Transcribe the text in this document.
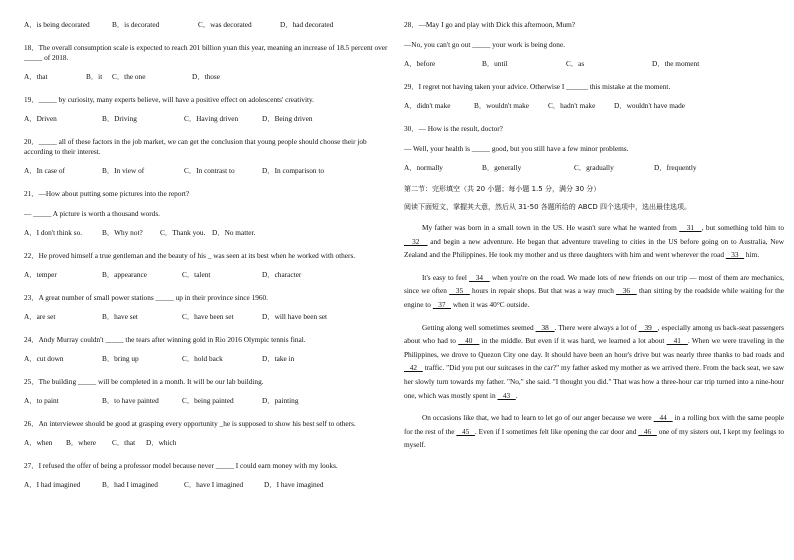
A．is being decorated	B．is decorated	C．was decorated	D．had decorated

18．The overall consumption scale is expected to reach 201 billion yuan this year, meaning an increase of 18.5 percent over _____ of 2018.

A．that	B．it	C．the one	D．those

19．_____ by curiosity, many experts believe, will have a positive effect on adolescents' creativity.

A．Driven	B．Driving	C．Having driven	D．Being driven

20．_____ all of these factors in the job market, we can get the conclusion that young people should choose their job according to their interest.

A．In case of	B．In view of	C．In contrast to	D．In comparison to

21．—How about putting some pictures into the report?

— _____ A picture is worth a thousand words.

A．I don't think so.	B．Why not?	C．Thank you. D．No matter.

22．He proved himself a true gentleman and the beauty of his _ was seen at its best when he worked with others.

A．temper	B．appearance	C．talent	D．character

23．A great number of small power stations _____ up in their province since 1960.

A．are set	B．have set	C．have been set	D．will have been set

24．Andy Murray couldn't _____ the tears after winning gold in Rio 2016 Olympic tennis final.

A．cut down	B．bring up	C．hold back	D．take in

25．The building _____ will be completed in a month. It will be our lab building.

A．to paint	B．to have painted	C．being painted	D．painting

26．An interviewee should be good at grasping every opportunity _he is supposed to show his best self to others.

A．when	B．where	C．that	D．which

27．I refused the offer of being a professor model because never _____ I could earn money with my looks.

A．I had imagined	B．had I imagined	C．have I imagined	D．I have imagined

28．—May I go and play with Dick this afternoon, Mum?

—No, you can't go out _____ your work is being done.

A．before	B．until	C．as	D．the moment

29．I regret not having taken your advice. Otherwise I ______ this mistake at the moment.

A．didn't make	B．wouldn't make	C．hadn't make	D．wouldn't have made

30．— How is the result, doctor?

— Well, your health is _____ good, but you still have a few minor problems.

A．normally	B．generally	C．gradually	D．frequently

第二节：完形填空（共 20 小题；每小题 1.5 分，满分 30 分）

阅读下面短文，掌握其大意，然后从 31-50 各题所给的 ABCD 四个选项中，选出最佳选项。

My father was born in a small town in the US. He wasn't sure what he wanted from    31   , but something told him to    32    and begin a new adventure. He began that adventure traveling to cities in the US before going on to Australia, New Zealand and the Philippines. He took my mother and us three daughters with him and went wherever the road    33    him.

It's easy to feel    34    when you're on the road. We made lots of new friends on our trip — most of them are mechanics, since we often    35    hours in repair shops. But that was a way much    36    than sitting by the roadside while waiting for the engine to    37    when it was 40°C outside.

Getting along well sometimes seemed    38   . There were always a lot of    39   , especially among us back-seat passengers about who had to    40    in the middle. But even if it was hard, we learned a lot about    41   . When we were traveling in the Philippines, we drove to Quezon City one day. It should have been an hour's drive but was nearly three thanks to bad roads and    42    traffic. "Did you put our suitcases in the car?" my father asked my mother as we arrived there. From the back seat, we saw her slowly turn towards my father. "No," she said. "I thought you did." That was how a three-hour car trip turned into a nine-hour one, which was mostly spent in    43   .

On occasions like that, we had to learn to let go of our anger because we were    44    in a rolling box with the same people for the rest of the    45   . Even if I sometimes felt like opening the car door and    46    one of my sisters out, I kept my feelings to myself.
